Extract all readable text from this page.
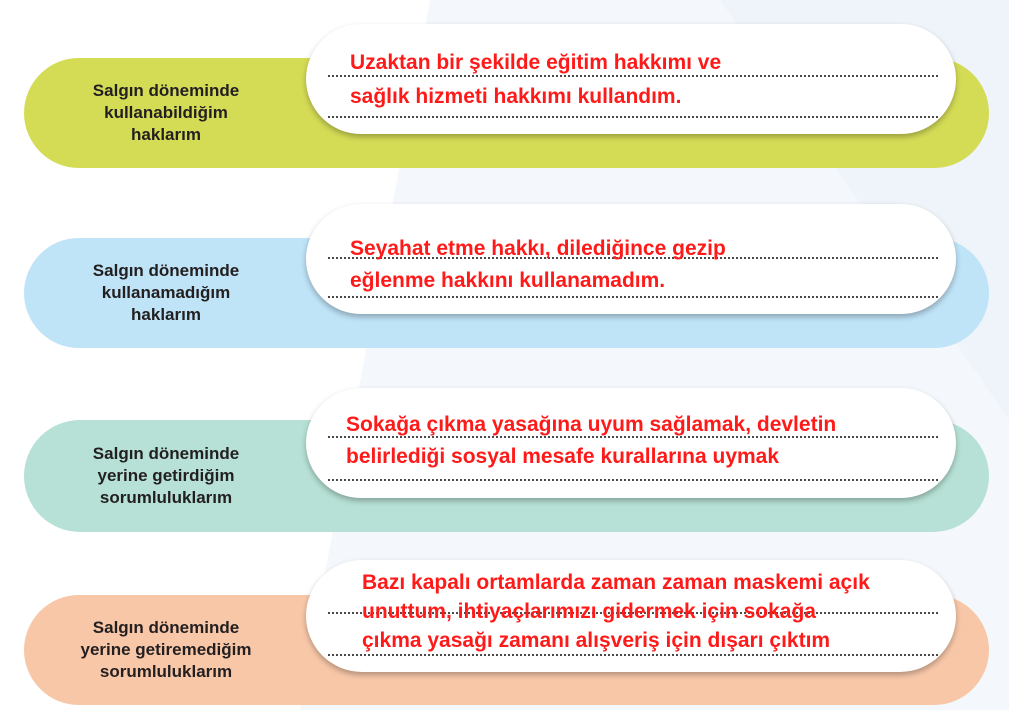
Salgın döneminde
kullanabildiğim
haklarım
Uzaktan bir şekilde eğitim hakkımı ve
sağlık hizmeti hakkımı kullandım.
Salgın döneminde
kullanamadığım
haklarım
Seyahat etme hakkı, dilediğince gezip
eğlenme hakkını kullanamadım.
Salgın döneminde
yerine getirdiğim
sorumluluklarım
Sokağa çıkma yasağına uyum sağlamak, devletin
belirlediği sosyal mesafe kurallarına uymak
Salgın döneminde
yerine getiremediğim
sorumluluklarım
Bazı kapalı ortamlarda zaman zaman maskemi açık
unuttum, ihtiyaçlarımızı gidermek için sokağa
çıkma yasağı zamanı alışveriş için dışarı çıktım
